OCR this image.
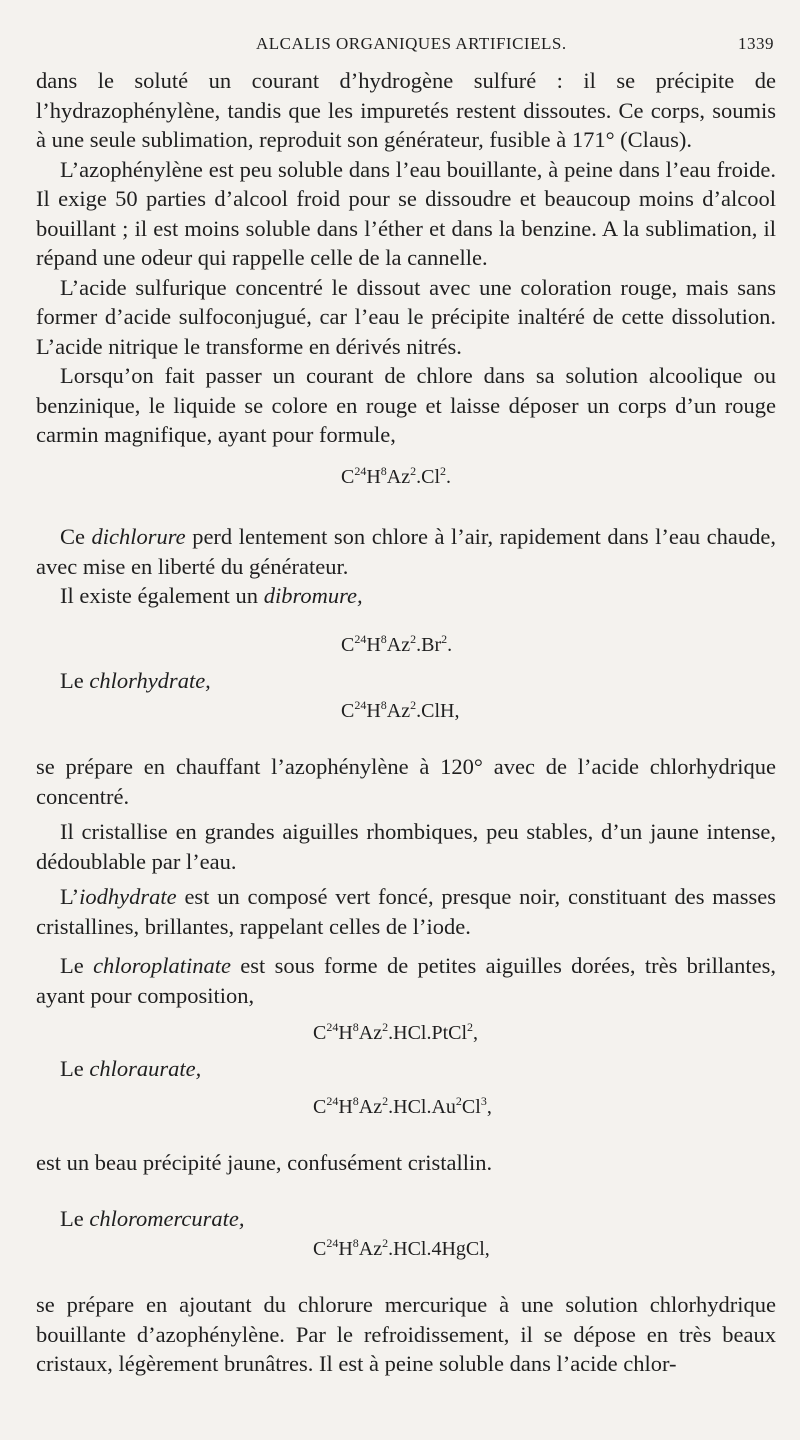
ALCALIS ORGANIQUES ARTIFICIELS.	1339

dans le soluté un courant d’hydrogène sulfuré : il se précipite de l’hydrazophénylène, tandis que les impuretés restent dissoutes. Ce corps, soumis à une seule sublimation, reproduit son générateur, fusible à 171° (Claus).

L’azophénylène est peu soluble dans l’eau bouillante, à peine dans l’eau froide. Il exige 50 parties d’alcool froid pour se dissoudre et beaucoup moins d’alcool bouillant ; il est moins soluble dans l’éther et dans la benzine. A la sublimation, il répand une odeur qui rappelle celle de la cannelle.

L’acide sulfurique concentré le dissout avec une coloration rouge, mais sans former d’acide sulfoconjugué, car l’eau le précipite inaltéré de cette dissolution. L’acide nitrique le transforme en dérivés nitrés.

Lorsqu’on fait passer un courant de chlore dans sa solution alcoolique ou benzinique, le liquide se colore en rouge et laisse déposer un corps d’un rouge carmin magnifique, ayant pour formule,

$C^{24}H^8Az^2.Cl^2$.

Ce dichlorure perd lentement son chlore à l’air, rapidement dans l’eau chaude, avec mise en liberté du générateur.

Il existe également un dibromure,

$C^{24}H^8Az^2.Br^2$.

Le chlorhydrate,

$C^{24}H^8Az^2.ClH$,

se prépare en chauffant l’azophénylène à 120° avec de l’acide chlorhydrique concentré.

Il cristallise en grandes aiguilles rhombiques, peu stables, d’un jaune intense, dédoublable par l’eau.

L’iodhydrate est un composé vert foncé, presque noir, constituant des masses cristallines, brillantes, rappelant celles de l’iode.

Le chloroplatinate est sous forme de petites aiguilles dorées, très brillantes, ayant pour composition,

$C^{24}H^8Az^2.HCl.PtCl^2$,

Le chloraurate,

$C^{24}H^8Az^2.HCl.Au^2Cl^3$,

est un beau précipité jaune, confusément cristallin.

Le chloromercurate,

$C^{24}H^8Az^2.HCl.4HgCl$,

se prépare en ajoutant du chlorure mercurique à une solution chlorhydrique bouillante d’azophénylène. Par le refroidissement, il se dépose en très beaux cristaux, légèrement brunâtres. Il est à peine soluble dans l’acide chlor-
